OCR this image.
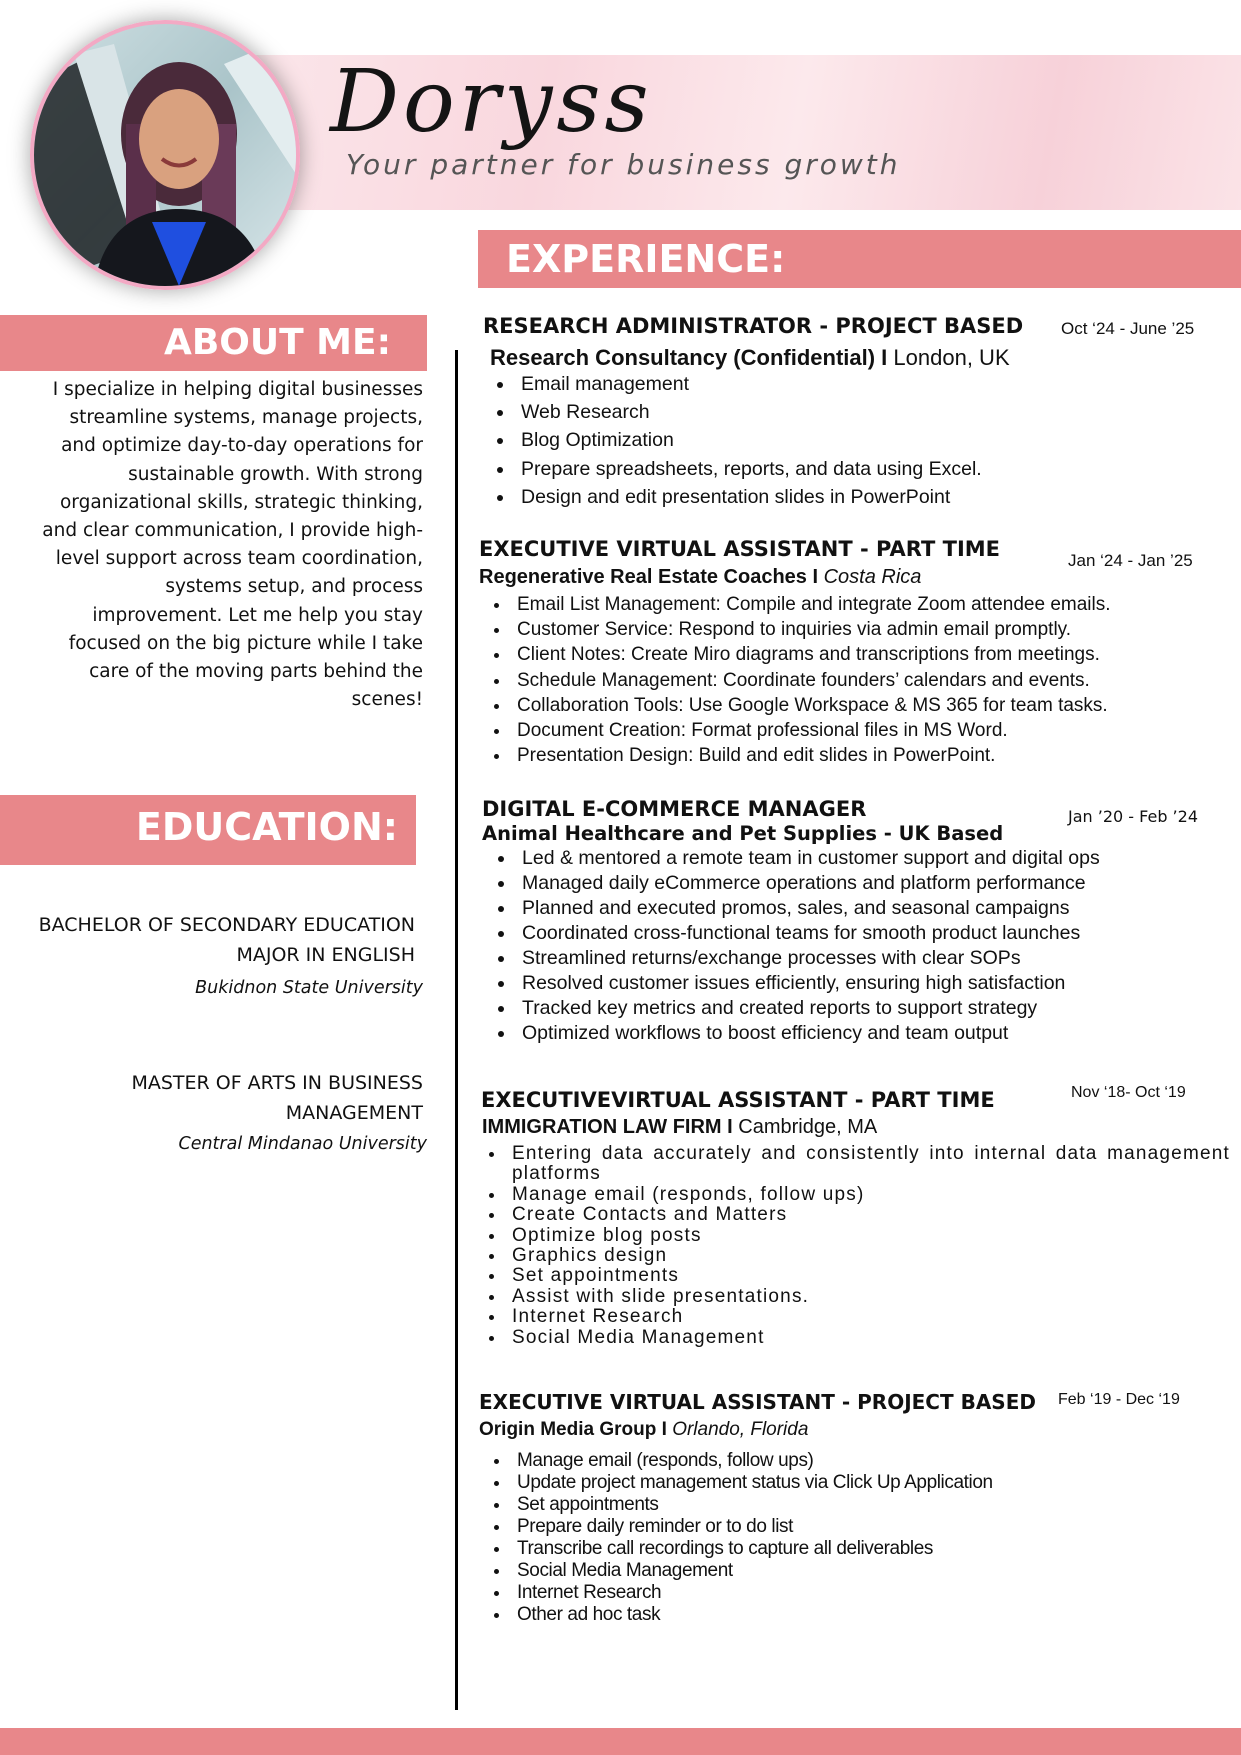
Doryss
Your partner for business growth
EXPERIENCE:
ABOUT ME:
EDUCATION:
I specialize in helping digital businesses streamline systems, manage projects, and optimize day-to-day operations for sustainable growth. With strong organizational skills, strategic thinking, and clear communication, I provide high-level support across team coordination, systems setup, and process improvement. Let me help you stay focused on the big picture while I take care of the moving parts behind the scenes!
BACHELOR OF SECONDARY EDUCATION
MAJOR IN ENGLISH
Bukidnon State University
MASTER OF ARTS IN BUSINESS
MANAGEMENT
Central Mindanao University
RESEARCH ADMINISTRATOR - PROJECT BASED Oct ‘24 - June ’25
Research Consultancy (Confidential) I London, UK
• Email management
• Web Research
• Blog Optimization
• Prepare spreadsheets, reports, and data using Excel.
• Design and edit presentation slides in PowerPoint
EXECUTIVE VIRTUAL ASSISTANT - PART TIME	Jan ‘24 - Jan ’25
Regenerative Real Estate Coaches I Costa Rica
• Email List Management: Compile and integrate Zoom attendee emails.
• Customer Service: Respond to inquiries via admin email promptly.
• Client Notes: Create Miro diagrams and transcriptions from meetings.
• Schedule Management: Coordinate founders’ calendars and events.
• Collaboration Tools: Use Google Workspace & MS 365 for team tasks.
• Document Creation: Format professional files in MS Word.
• Presentation Design: Build and edit slides in PowerPoint.
DIGITAL E-COMMERCE MANAGER	Jan ’20 - Feb ’24
Animal Healthcare and Pet Supplies - UK Based
• Led & mentored a remote team in customer support and digital ops
• Managed daily eCommerce operations and platform performance
• Planned and executed promos, sales, and seasonal campaigns
• Coordinated cross-functional teams for smooth product launches
• Streamlined returns/exchange processes with clear SOPs
• Resolved customer issues efficiently, ensuring high satisfaction
• Tracked key metrics and created reports to support strategy
• Optimized workflows to boost efficiency and team output
EXECUTIVEVIRTUAL ASSISTANT - PART TIME	Nov ‘18- Oct ‘19
IMMIGRATION LAW FIRM I Cambridge, MA
• Entering data accurately and consistently into internal data management platforms
• Manage email (responds, follow ups)
• Create Contacts and Matters
• Optimize blog posts
• Graphics design
• Set appointments
• Assist with slide presentations.
• Internet Research
• Social Media Management
EXECUTIVE VIRTUAL ASSISTANT - PROJECT BASED Feb ‘19 - Dec ‘19
Origin Media Group I Orlando, Florida
• Manage email (responds, follow ups)
• Update project management status via Click Up Application
• Set appointments
• Prepare daily reminder or to do list
• Transcribe call recordings to capture all deliverables
• Social Media Management
• Internet Research
• Other ad hoc task
